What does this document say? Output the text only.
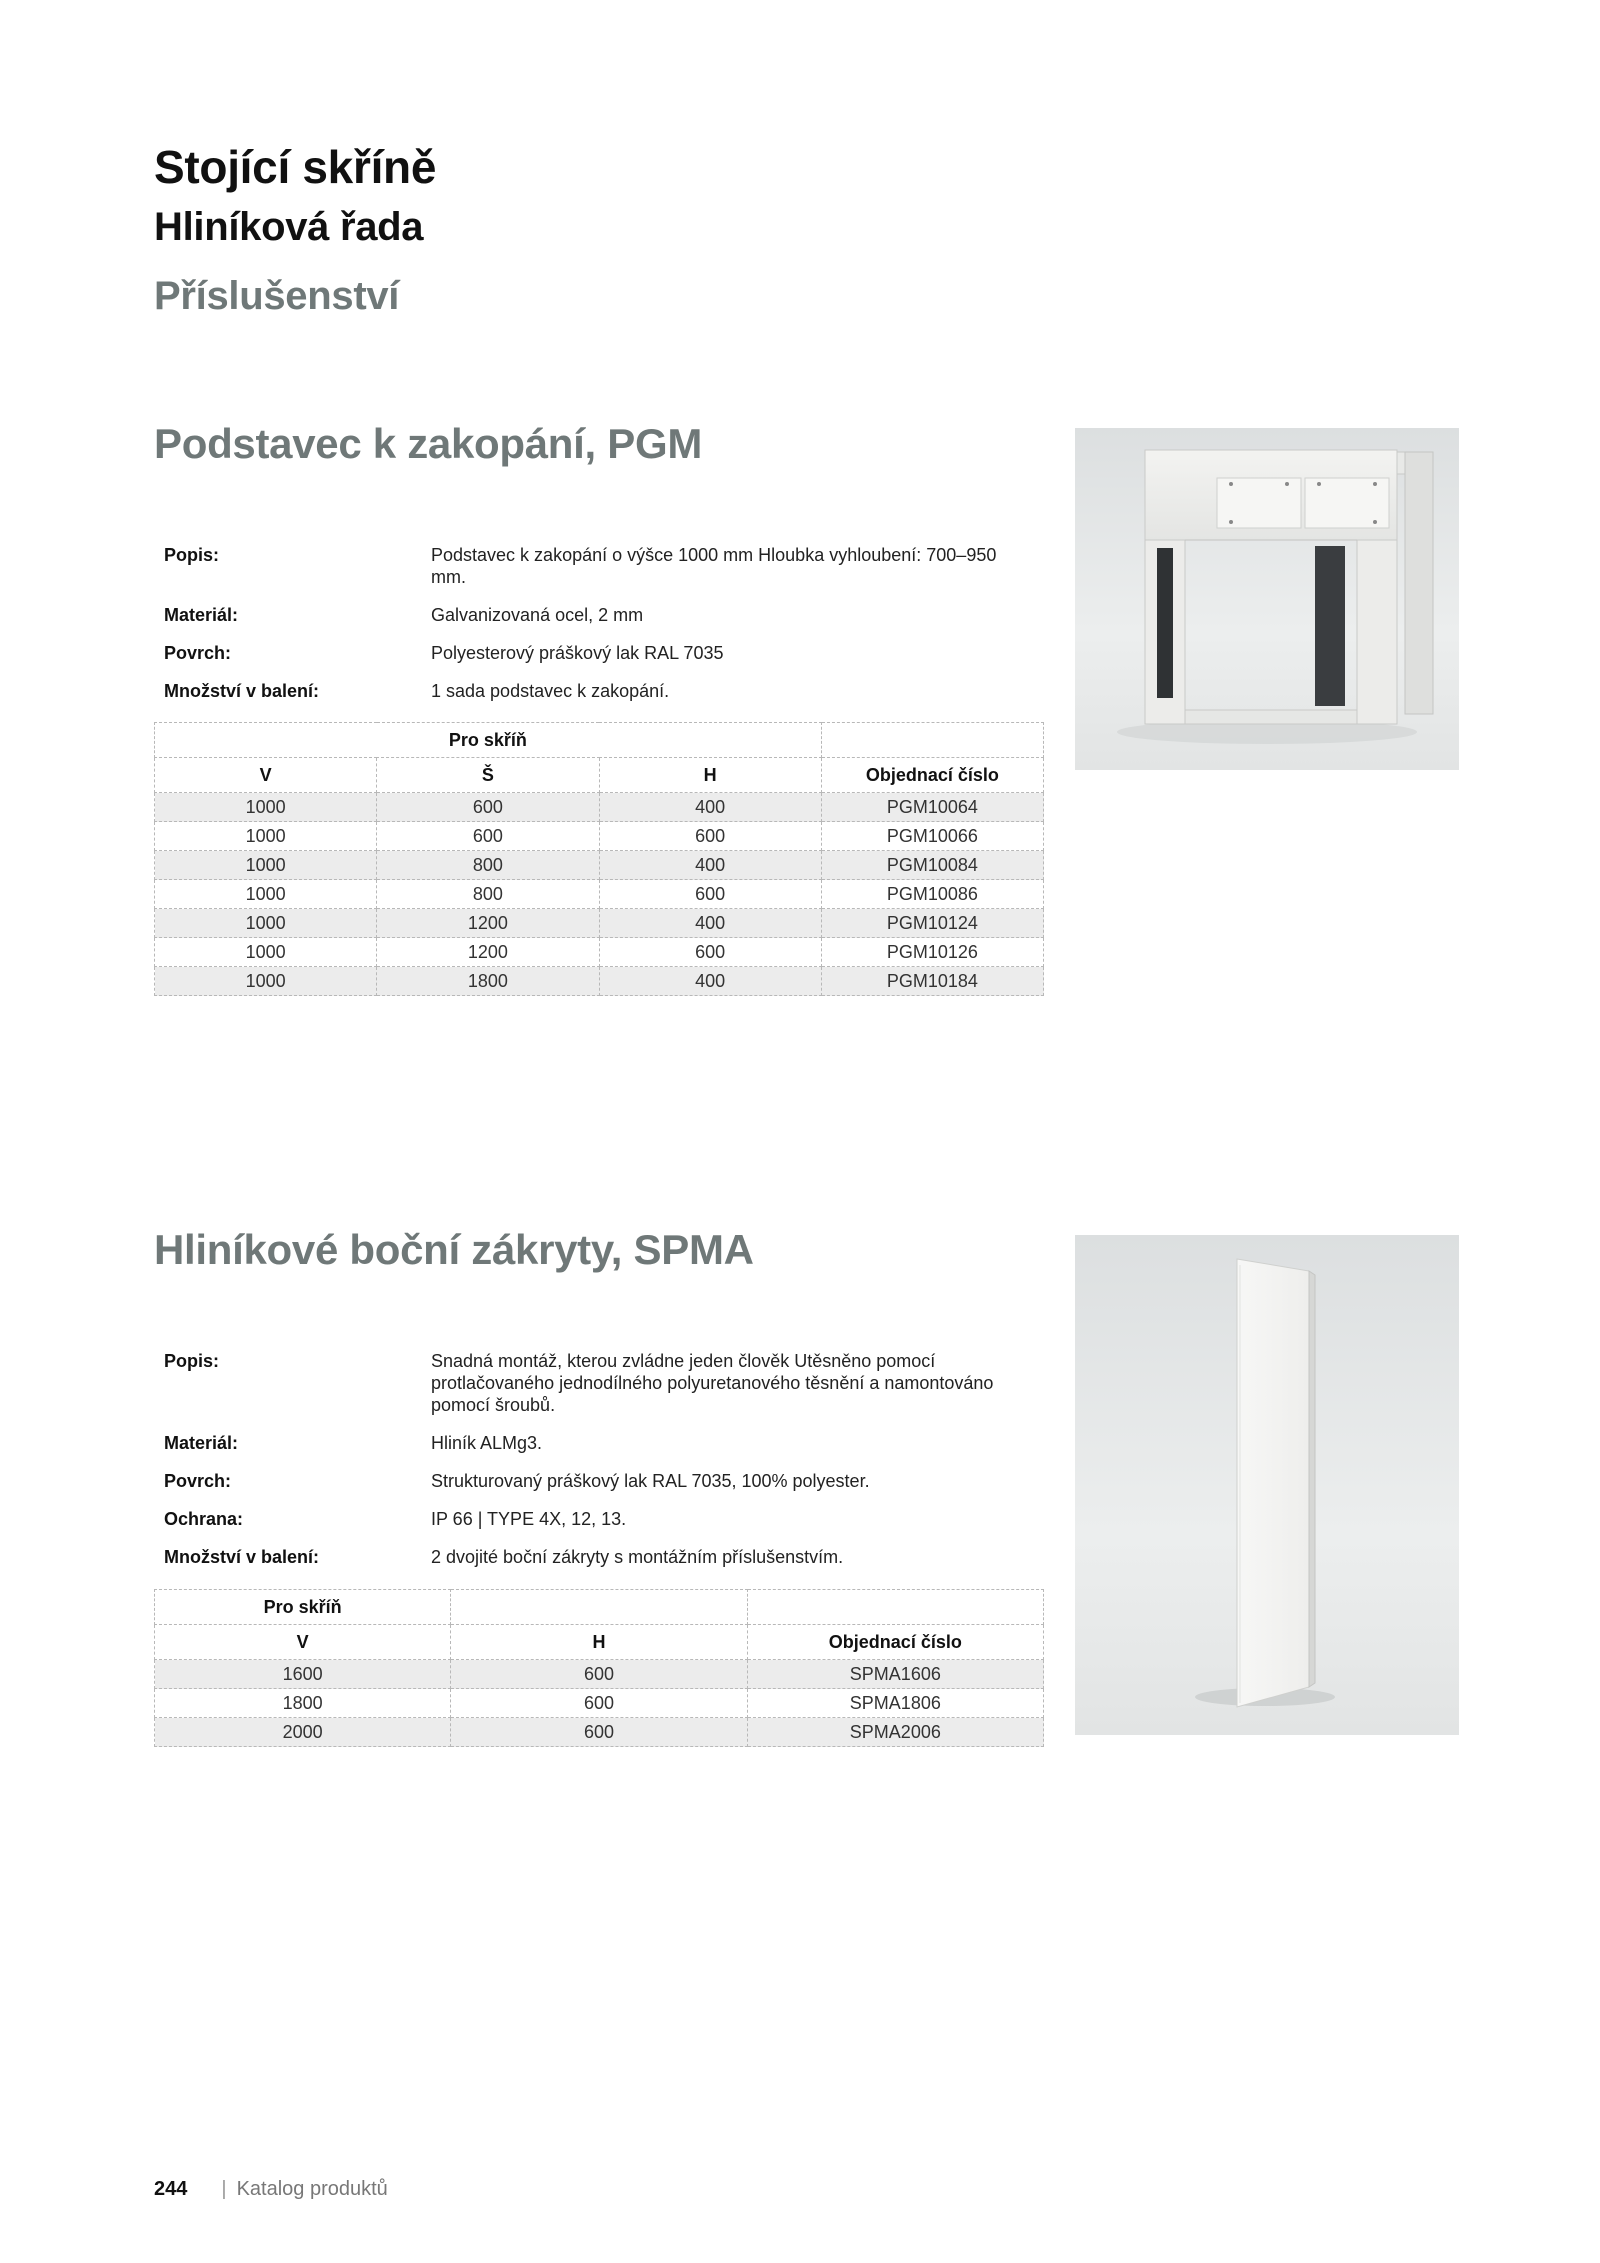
Stojící skříně
Hliníková řada
Příslušenství
Podstavec k zakopání, PGM
Popis:	Podstavec k zakopání o výšce 1000 mm Hloubka vyhloubení: 700–950 mm.
Materiál:	Galvanizovaná ocel, 2 mm
Povrch:	Polyesterový práškový lak RAL 7035
Množství v balení:	1 sada podstavec k zakopání.
Pro skříň			
V	Š	H	Objednací číslo
1000	600	400	PGM10064
1000	600	600	PGM10066
1000	800	400	PGM10084
1000	800	600	PGM10086
1000	1200	400	PGM10124
1000	1200	600	PGM10126
1000	1800	400	PGM10184
Hliníkové boční zákryty, SPMA
Popis:	Snadná montáž, kterou zvládne jeden člověk Utěsněno pomocí protlačovaného jednodílného polyuretanového těsnění a namontováno pomocí šroubů.
Materiál:	Hliník ALMg3.
Povrch:	Strukturovaný práškový lak RAL 7035, 100% polyester.
Ochrana:	IP 66 | TYPE 4X, 12, 13.
Množství v balení:	2 dvojité boční zákryty s montážním příslušenstvím.
Pro skříň		
V	H	Objednací číslo
1600	600	SPMA1606
1800	600	SPMA1806
2000	600	SPMA2006
244 | Katalog produktů
